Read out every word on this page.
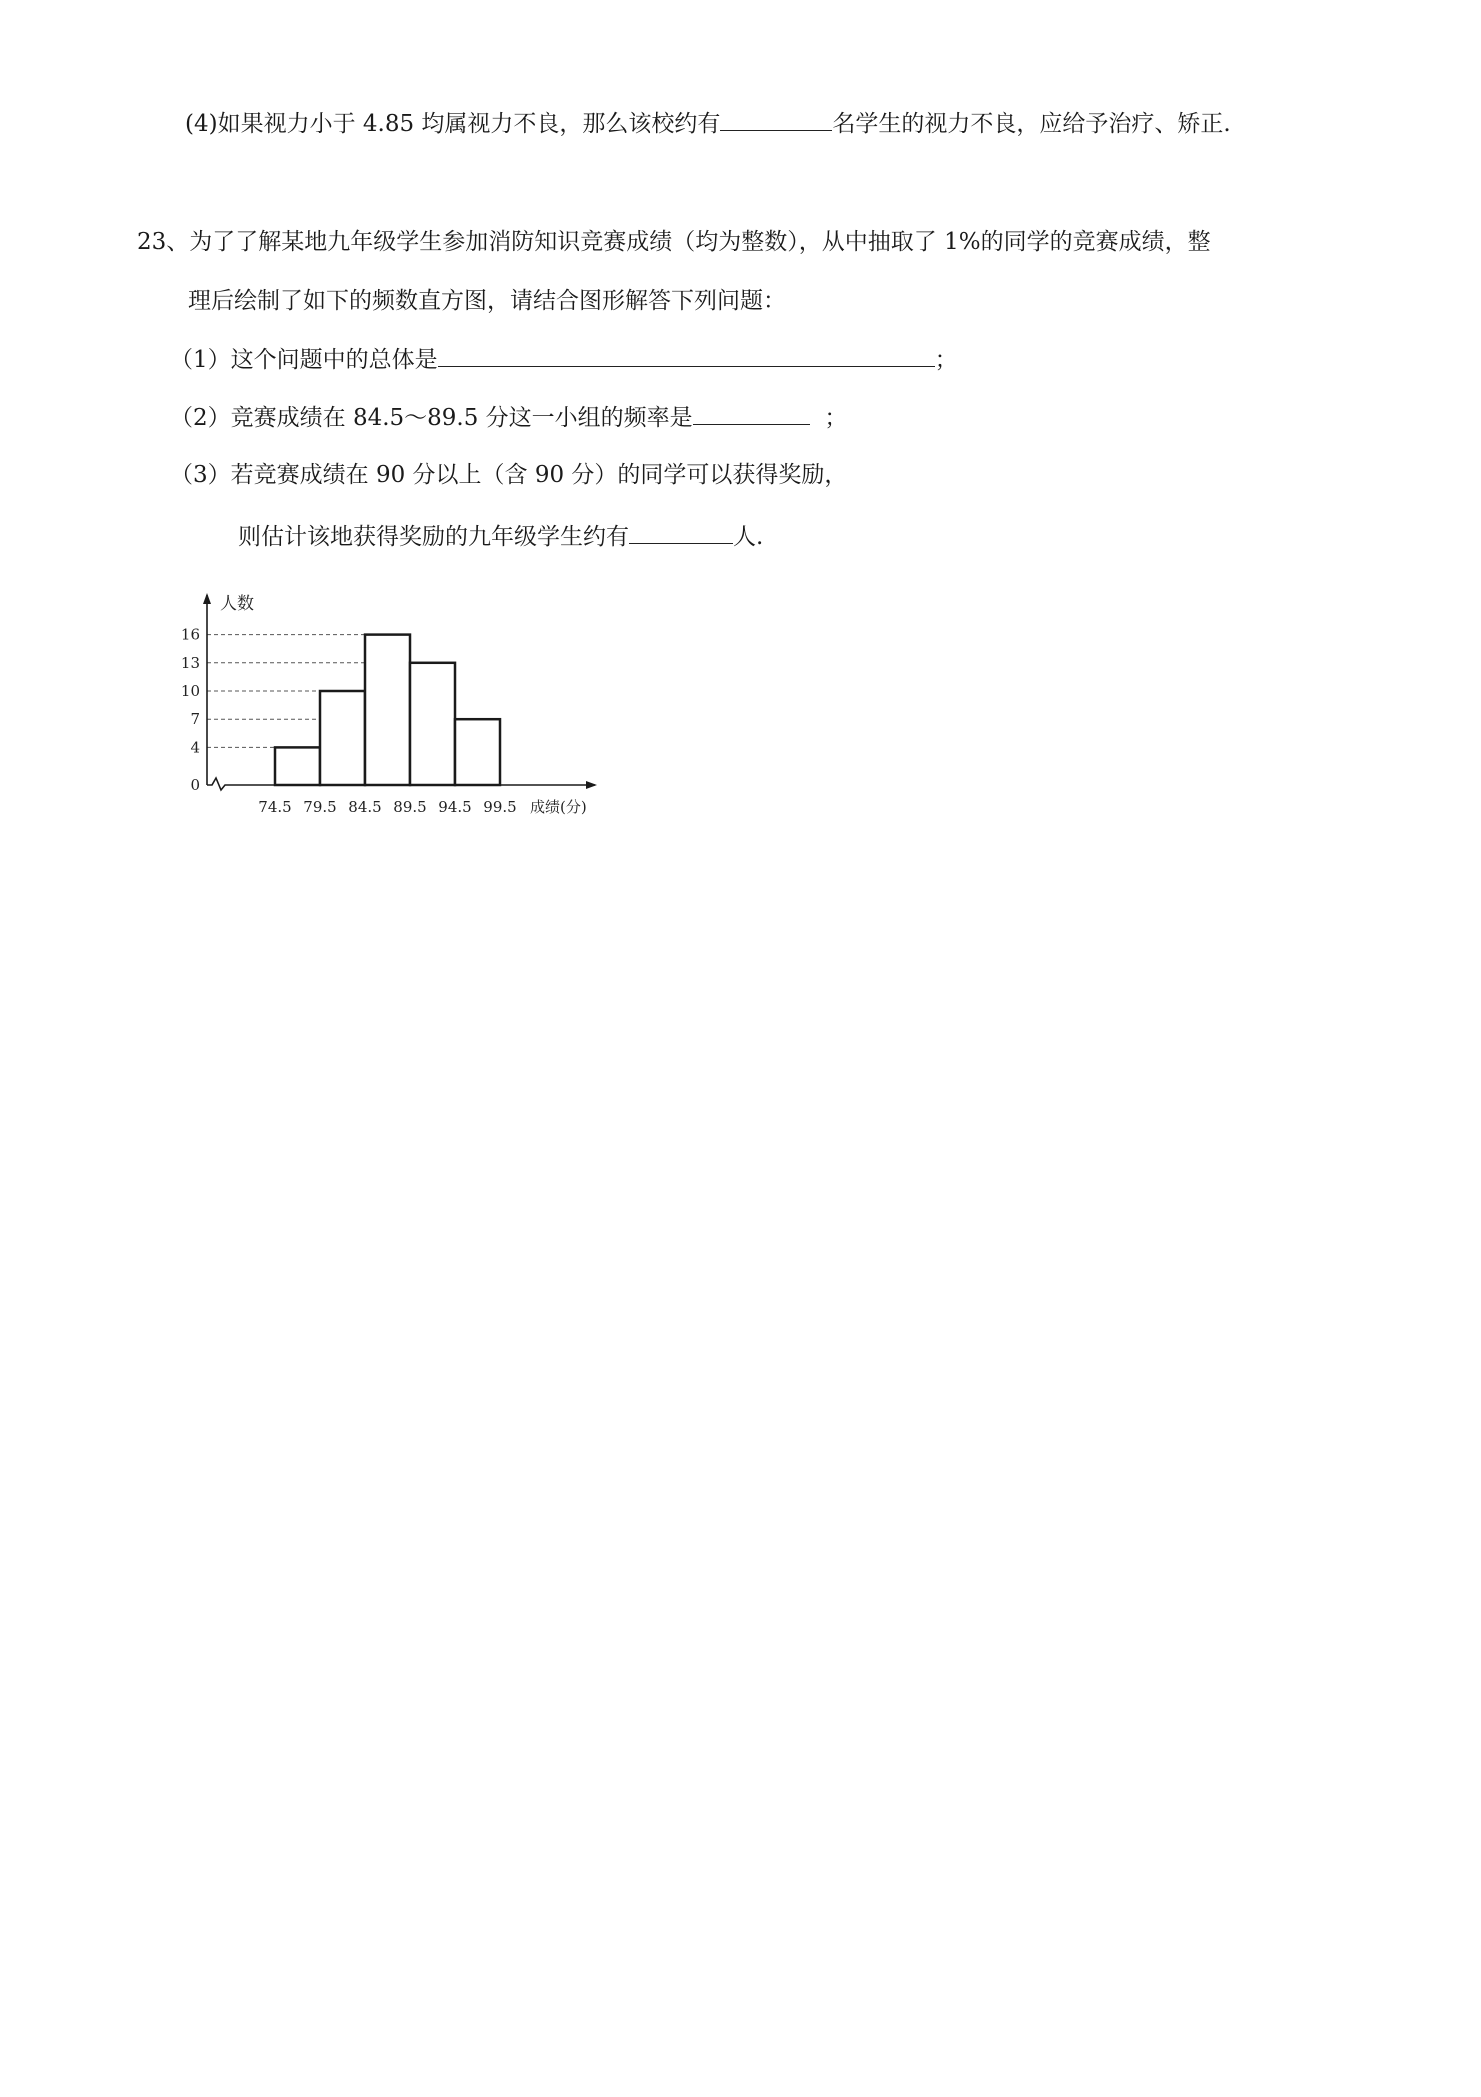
(4)如果视力小于 4.85 均属视力不良，那么该校约有	名学生的视力不良，应给予治疗、矫正.
23、为了了解某地九年级学生参加消防知识竞赛成绩（均为整数），从中抽取了 1%的同学的竞赛成绩，整
理后绘制了如下的频数直方图，请结合图形解答下列问题：
（1）这个问题中的总体是	；
（2）竞赛成绩在 84.5～89.5 分这一小组的频率是	；
（3）若竞赛成绩在 90 分以上（含 90 分）的同学可以获得奖励，
则估计该地获得奖励的九年级学生约有	人.
16
13
10
7
4
0
74.5 79.5 84.5 89.5 94.5 99.5
人数
成绩(分)
